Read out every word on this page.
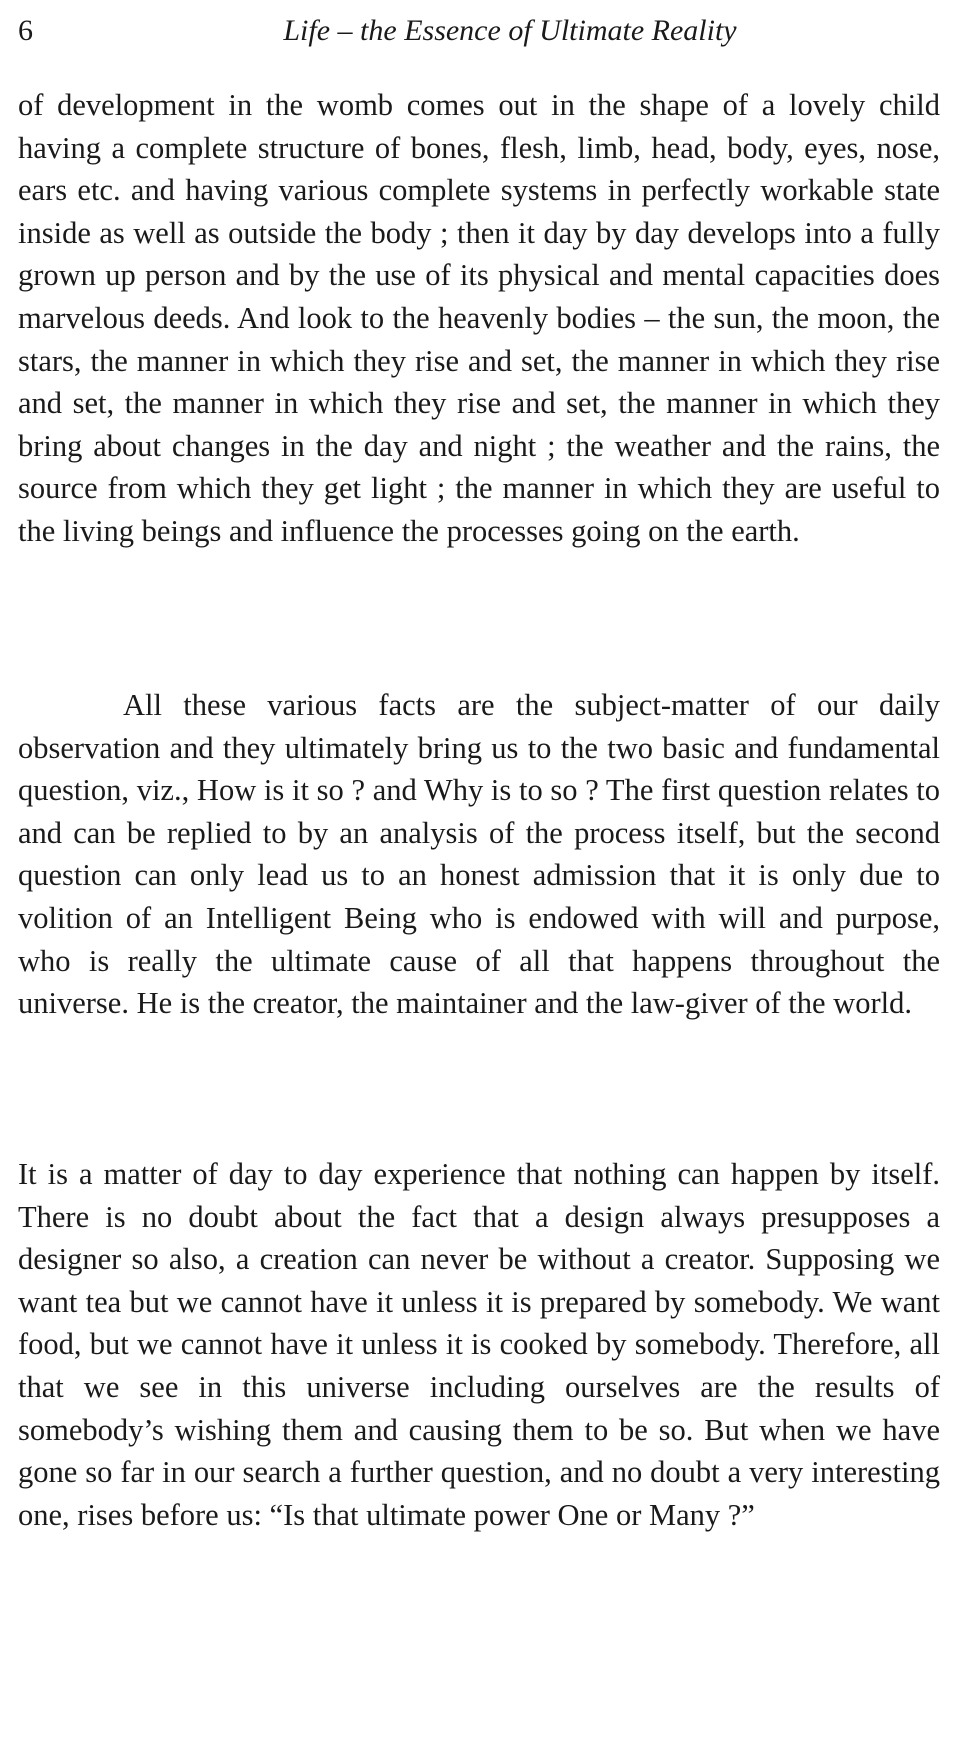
6	Life – the Essence of Ultimate Reality

of development in the womb comes out in the shape of a lovely child having a complete structure of bones, flesh, limb, head, body, eyes, nose, ears etc. and having various complete systems in perfectly workable state inside as well as outside the body ; then it day by day develops into a fully grown up person and by the use of its physical and mental capacities does marvelous deeds. And look to the heavenly bodies – the sun, the moon, the stars, the manner in which they rise and set, the manner in which they rise and set, the manner in which they rise and set, the manner in which they bring about changes in the day and night ; the weather and the rains, the source from which they get light ; the manner in which they are useful to the living beings and influence the processes going on the earth.

All these various facts are the subject-matter of our daily observation and they ultimately bring us to the two basic and fundamental question, viz., How is it so ? and Why is to so ? The first question relates to and can be replied to by an analysis of the process itself, but the second question can only lead us to an honest admission that it is only due to volition of an Intelligent Being who is endowed with will and purpose, who is really the ultimate cause of all that happens throughout the universe. He is the creator, the maintainer and the law-giver of the world.

It is a matter of day to day experience that nothing can happen by itself. There is no doubt about the fact that a design always presupposes a designer so also, a creation can never be without a creator. Supposing we want tea but we cannot have it unless it is prepared by somebody. We want food, but we cannot have it unless it is cooked by somebody. Therefore, all that we see in this universe including ourselves are the results of somebody’s wishing them and causing them to be so. But when we have gone so far in our search a further question, and no doubt a very interesting one, rises before us: “Is that ultimate power One or Many ?”
